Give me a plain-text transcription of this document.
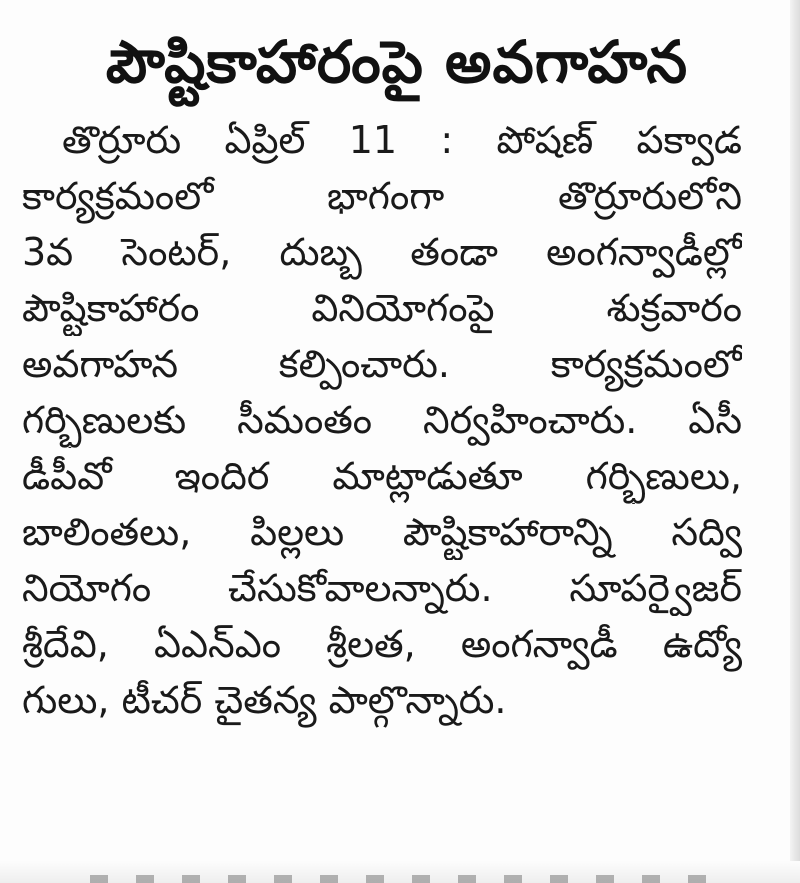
పౌష్టికాహారంపై అవగాహన
తొర్రూరు ఏప్రిల్ 11 : పోషణ్ పక్వాడ
కార్యక్రమంలో భాగంగా తొర్రూరులోని
3వ సెంటర్, దుబ్బ తండా అంగన్వాడీల్లో
పౌష్టికాహారం వినియోగంపై శుక్రవారం
అవగాహన కల్పించారు. కార్యక్రమంలో
గర్భిణులకు సీమంతం నిర్వహించారు. ఏసీ
డీపీవో ఇందిర మాట్లాడుతూ గర్భిణులు,
బాలింతలు, పిల్లలు పౌష్టికాహారాన్ని సద్వి
నియోగం చేసుకోవాలన్నారు. సూపర్వైజర్
శ్రీదేవి, ఏఎన్ఎం శ్రీలత, అంగన్వాడీ ఉద్యో
గులు, టీచర్ చైతన్య పాల్గొన్నారు.
